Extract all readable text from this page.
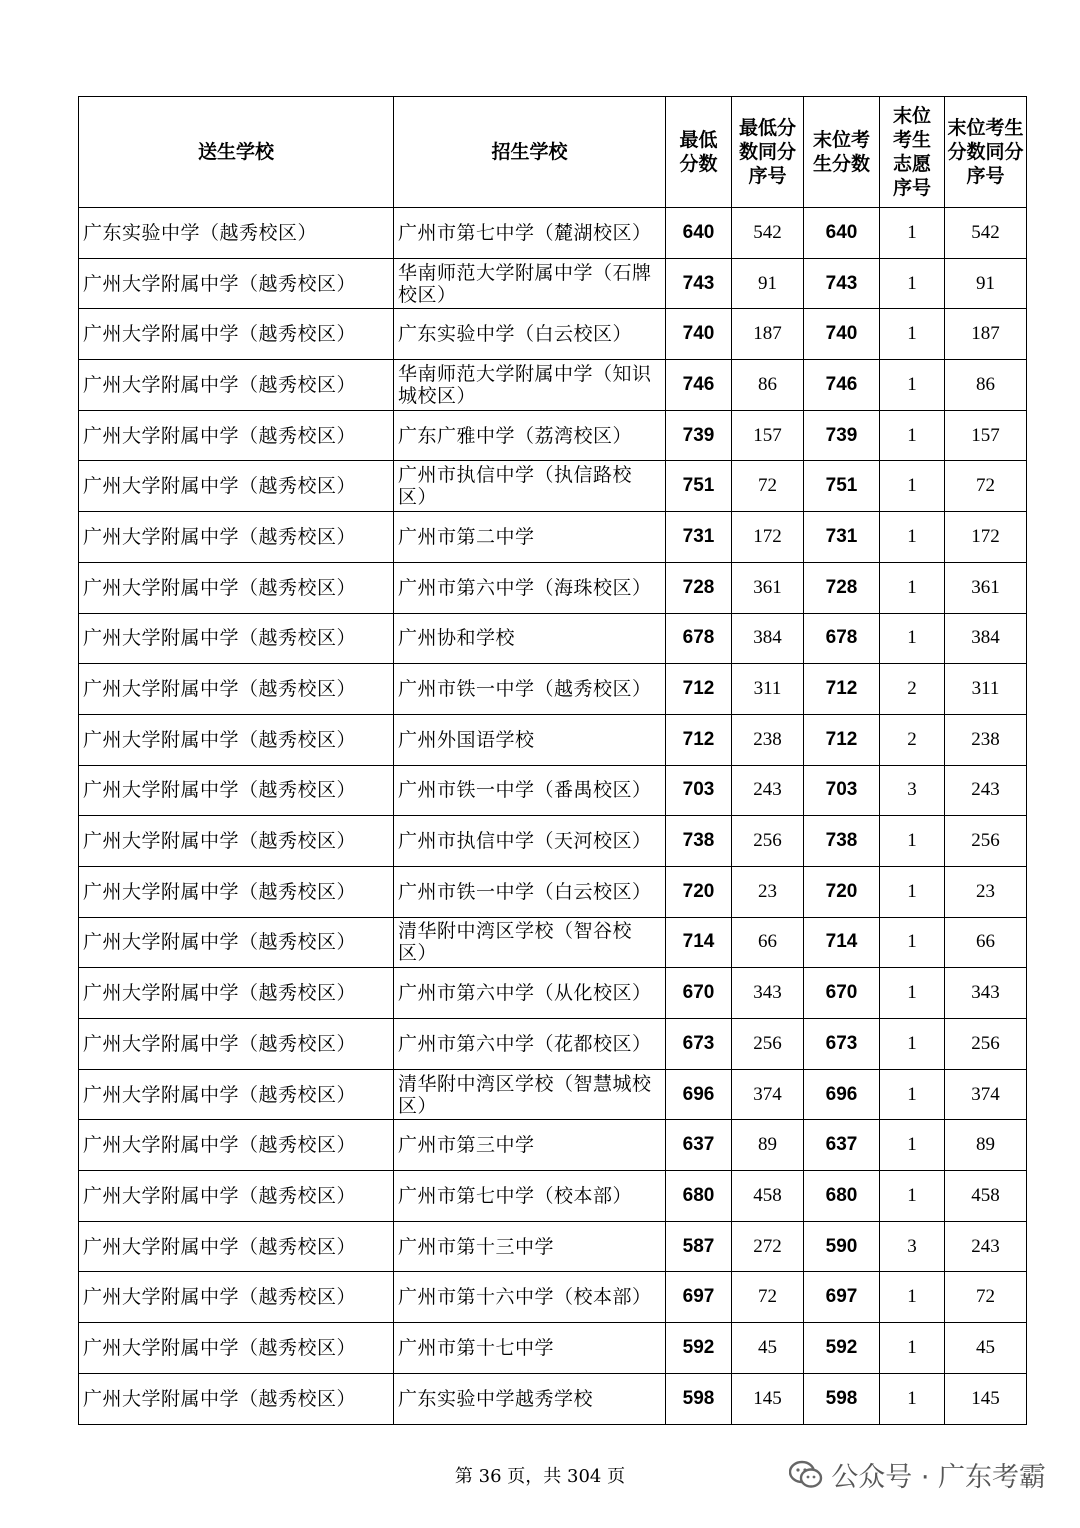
送生学校	招生学校	最低分数	最低分数同分序号	末位考生分数	末位考生志愿序号	末位考生分数同分序号
广东实验中学（越秀校区）	广州市第七中学（麓湖校区）	640	542	640	1	542
广州大学附属中学（越秀校区）	华南师范大学附属中学（石牌校区）	743	91	743	1	91
广州大学附属中学（越秀校区）	广东实验中学（白云校区）	740	187	740	1	187
广州大学附属中学（越秀校区）	华南师范大学附属中学（知识城校区）	746	86	746	1	86
广州大学附属中学（越秀校区）	广东广雅中学（荔湾校区）	739	157	739	1	157
广州大学附属中学（越秀校区）	广州市执信中学（执信路校区）	751	72	751	1	72
广州大学附属中学（越秀校区）	广州市第二中学	731	172	731	1	172
广州大学附属中学（越秀校区）	广州市第六中学（海珠校区）	728	361	728	1	361
广州大学附属中学（越秀校区）	广州协和学校	678	384	678	1	384
广州大学附属中学（越秀校区）	广州市铁一中学（越秀校区）	712	311	712	2	311
广州大学附属中学（越秀校区）	广州外国语学校	712	238	712	2	238
广州大学附属中学（越秀校区）	广州市铁一中学（番禺校区）	703	243	703	3	243
广州大学附属中学（越秀校区）	广州市执信中学（天河校区）	738	256	738	1	256
广州大学附属中学（越秀校区）	广州市铁一中学（白云校区）	720	23	720	1	23
广州大学附属中学（越秀校区）	清华附中湾区学校（智谷校区）	714	66	714	1	66
广州大学附属中学（越秀校区）	广州市第六中学（从化校区）	670	343	670	1	343
广州大学附属中学（越秀校区）	广州市第六中学（花都校区）	673	256	673	1	256
广州大学附属中学（越秀校区）	清华附中湾区学校（智慧城校区）	696	374	696	1	374
广州大学附属中学（越秀校区）	广州市第三中学	637	89	637	1	89
广州大学附属中学（越秀校区）	广州市第七中学（校本部）	680	458	680	1	458
广州大学附属中学（越秀校区）	广州市第十三中学	587	272	590	3	243
广州大学附属中学（越秀校区）	广州市第十六中学（校本部）	697	72	697	1	72
广州大学附属中学（越秀校区）	广州市第十七中学	592	45	592	1	45
广州大学附属中学（越秀校区）	广东实验中学越秀学校	598	145	598	1	145
第 36 页，共 304 页	公众号 · 广东考霸
